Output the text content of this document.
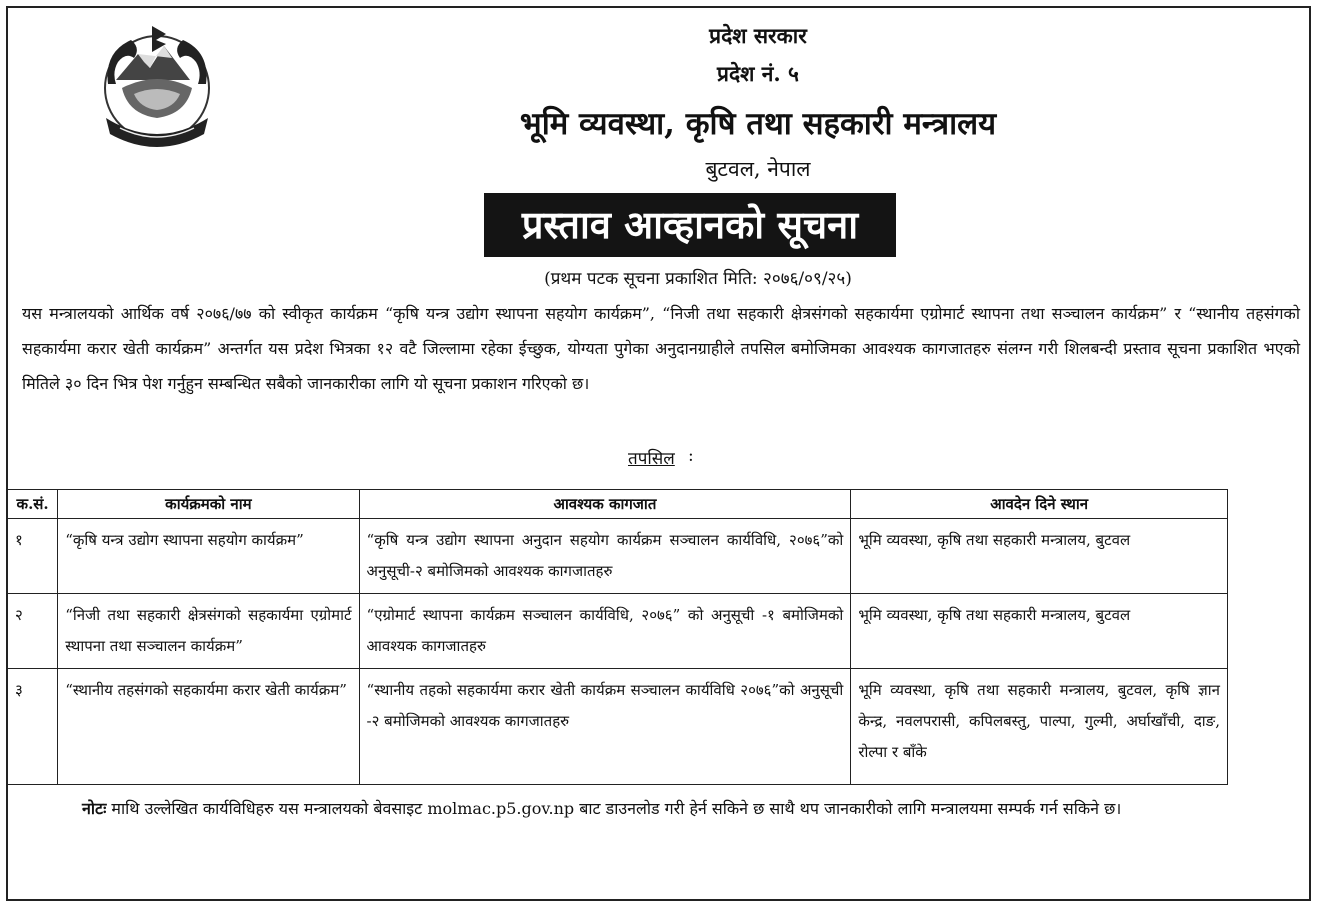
प्रदेश सरकार
प्रदेश नं. ५
भूमि व्यवस्था, कृषि तथा सहकारी मन्त्रालय
बुटवल, नेपाल
प्रस्ताव आव्हानको सूचना
(प्रथम पटक सूचना प्रकाशित मिति: २०७६/०९/२५)
यस मन्त्रालयको आर्थिक वर्ष २०७६/७७ को स्वीकृत कार्यक्रम “कृषि यन्त्र उद्योग स्थापना सहयोग कार्यक्रम”, “निजी तथा सहकारी क्षेत्रसंगको सहकार्यमा एग्रोमार्ट स्थापना तथा सञ्चालन कार्यक्रम” र “स्थानीय तहसंगको सहकार्यमा करार खेती कार्यक्रम” अन्तर्गत यस प्रदेश भित्रका १२ वटै जिल्लामा रहेका ईच्छुक, योग्यता पुगेका अनुदानग्राहीले तपसिल बमोजिमका आवश्यक कागजातहरु संलग्न गरी शिलबन्दी प्रस्ताव सूचना प्रकाशित भएको मितिले ३० दिन भित्र पेश गर्नुहुन सम्बन्धित सबैको जानकारीका लागि यो सूचना प्रकाशन गरिएको छ।
तपसिल :
क.सं.	कार्यक्रमको नाम	आवश्यक कागजात	आवदेन दिने स्थान
१	“कृषि यन्त्र उद्योग स्थापना सहयोग कार्यक्रम”	“कृषि यन्त्र उद्योग स्थापना अनुदान सहयोग कार्यक्रम सञ्चालन कार्यविधि, २०७६”को अनुसूची-२ बमोजिमको आवश्यक कागजातहरु	भूमि व्यवस्था, कृषि तथा सहकारी मन्त्रालय, बुटवल
२	“निजी तथा सहकारी क्षेत्रसंगको सहकार्यमा एग्रोमार्ट स्थापना तथा सञ्चालन कार्यक्रम”	“एग्रोमार्ट स्थापना कार्यक्रम सञ्चालन कार्यविधि, २०७६” को अनुसूची -१ बमोजिमको आवश्यक कागजातहरु	भूमि व्यवस्था, कृषि तथा सहकारी मन्त्रालय, बुटवल
३	“स्थानीय तहसंगको सहकार्यमा करार खेती कार्यक्रम”	“स्थानीय तहको सहकार्यमा करार खेती कार्यक्रम सञ्चालन कार्यविधि २०७६”को अनुसूची -२ बमोजिमको आवश्यक कागजातहरु	भूमि व्यवस्था, कृषि तथा सहकारी मन्त्रालय, बुटवल, कृषि ज्ञान केन्द्र, नवलपरासी, कपिलबस्तु, पाल्पा, गुल्मी, अर्घाखाँची, दाङ, रोल्पा र बाँके
नोटः माथि उल्लेखित कार्यविधिहरु यस मन्त्रालयको बेवसाइट molmac.p5.gov.np बाट डाउनलोड गरी हेर्न सकिने छ साथै थप जानकारीको लागि मन्त्रालयमा सम्पर्क गर्न सकिने छ।
